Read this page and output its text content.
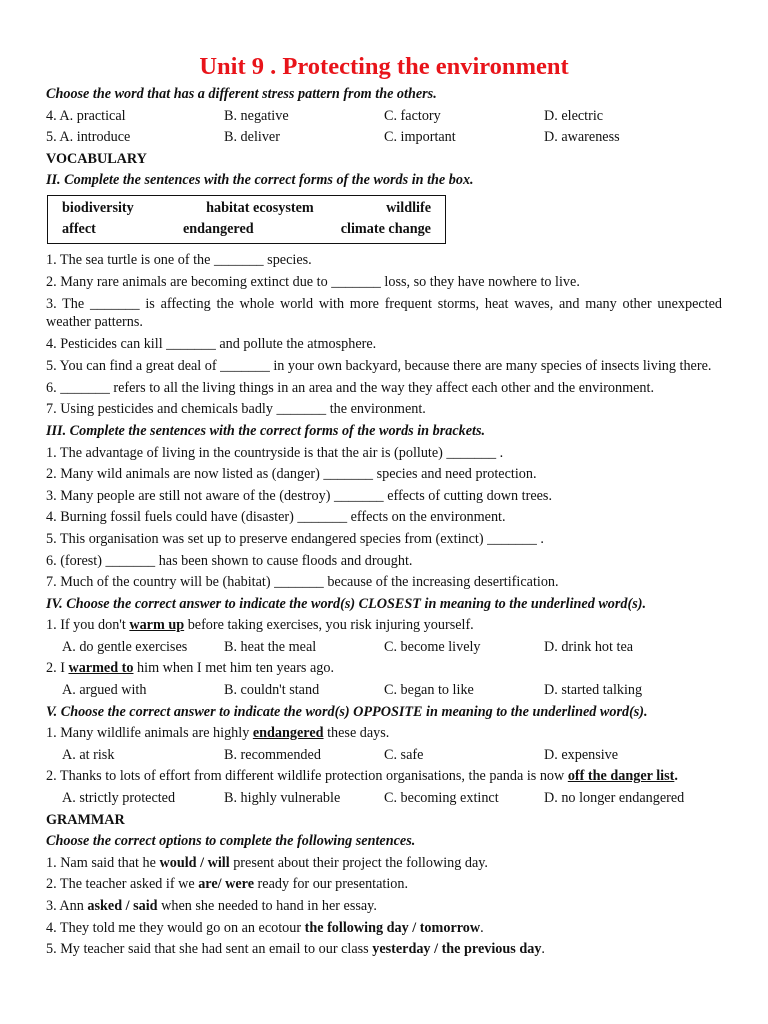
Unit 9 . Protecting the environment
Choose the word that has a different stress pattern from the others.
4. A. practical	B. negative	C. factory	D. electric
5. A. introduce	B. deliver	C. important	D. awareness
VOCABULARY
II. Complete the sentences with the correct forms of the words in the box.
biodiversity	habitat ecosystem	wildlife
affect	endangered	climate change
1. The sea turtle is one of the _______ species.
2. Many rare animals are becoming extinct due to _______ loss, so they have nowhere to live.
3. The _______ is affecting the whole world with more frequent storms, heat waves, and many other unexpected weather patterns.
4. Pesticides can kill _______ and pollute the atmosphere.
5. You can find a great deal of _______ in your own backyard, because there are many species of insects living there.
6. _______ refers to all the living things in an area and the way they affect each other and the environment.
7. Using pesticides and chemicals badly _______ the environment.
III. Complete the sentences with the correct forms of the words in brackets.
1. The advantage of living in the countryside is that the air is (pollute) _______ .
2. Many wild animals are now listed as (danger) _______ species and need protection.
3. Many people are still not aware of the (destroy) _______ effects of cutting down trees.
4. Burning fossil fuels could have (disaster) _______ effects on the environment.
5. This organisation was set up to preserve endangered species from (extinct) _______ .
6. (forest) _______ has been shown to cause floods and drought.
7. Much of the country will be (habitat) _______ because of the increasing desertification.
IV. Choose the correct answer to indicate the word(s) CLOSEST in meaning to the underlined word(s).
1. If you don't warm up before taking exercises, you risk injuring yourself.
A. do gentle exercises	B. heat the meal	C. become lively	D. drink hot tea
2. I warmed to him when I met him ten years ago.
A. argued with	B. couldn't stand	C. began to like	D. started talking
V. Choose the correct answer to indicate the word(s) OPPOSITE in meaning to the underlined word(s).
1. Many wildlife animals are highly endangered these days.
A. at risk	B. recommended	C. safe	D. expensive
2. Thanks to lots of effort from different wildlife protection organisations, the panda is now off the danger list.
A. strictly protected	B. highly vulnerable	C. becoming extinct	D. no longer endangered
GRAMMAR
Choose the correct options to complete the following sentences.
1. Nam said that he would / will present about their project the following day.
2. The teacher asked if we are/ were ready for our presentation.
3. Ann asked / said when she needed to hand in her essay.
4. They told me they would go on an ecotour the following day / tomorrow.
5. My teacher said that she had sent an email to our class yesterday / the previous day.
